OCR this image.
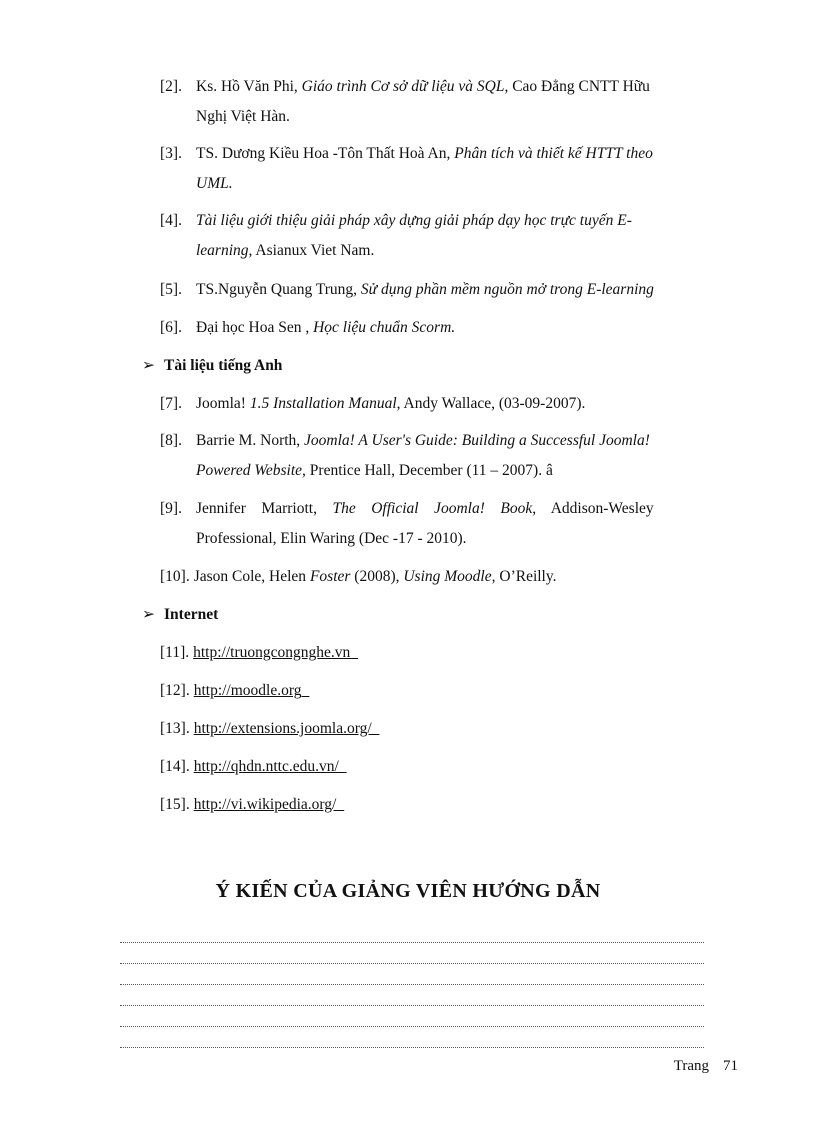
[2]. Ks. Hồ Văn Phi, Giáo trình Cơ sở dữ liệu và SQL, Cao Đẳng CNTT Hữu
Nghị Việt Hàn.
[3]. TS. Dương Kiều Hoa -Tôn Thất Hoà An, Phân tích và thiết kế HTTT theo
UML.
[4]. Tài liệu giới thiệu giải pháp xây dựng giải pháp dạy học trực tuyến E-
learning, Asianux Viet Nam.
[5]. TS.Nguyễn Quang Trung, Sử dụng phần mềm nguồn mở trong E-learning
[6]. Đại học Hoa Sen , Học liệu chuẩn Scorm.
➢ Tài liệu tiếng Anh
[7]. Joomla! 1.5 Installation Manual, Andy Wallace, (03-09-2007).
[8]. Barrie M. North, Joomla! A User's Guide: Building a Successful Joomla!
Powered Website, Prentice Hall, December (11 – 2007). â
[9]. Jennifer    Marriott,    The    Official    Joomla!    Book,    Addison-Wesley
Professional, Elin Waring (Dec -17 - 2010).
[10]. Jason Cole, Helen Foster (2008), Using Moodle, O’Reilly.
➢ Internet
[11]. http://truongcongnghe.vn
[12]. http://moodle.org
[13]. http://extensions.joomla.org/
[14]. http://qhdn.nttc.edu.vn/
[15]. http://vi.wikipedia.org/
Ý KIẾN CỦA GIẢNG VIÊN HƯỚNG DẪN
Trang 71
